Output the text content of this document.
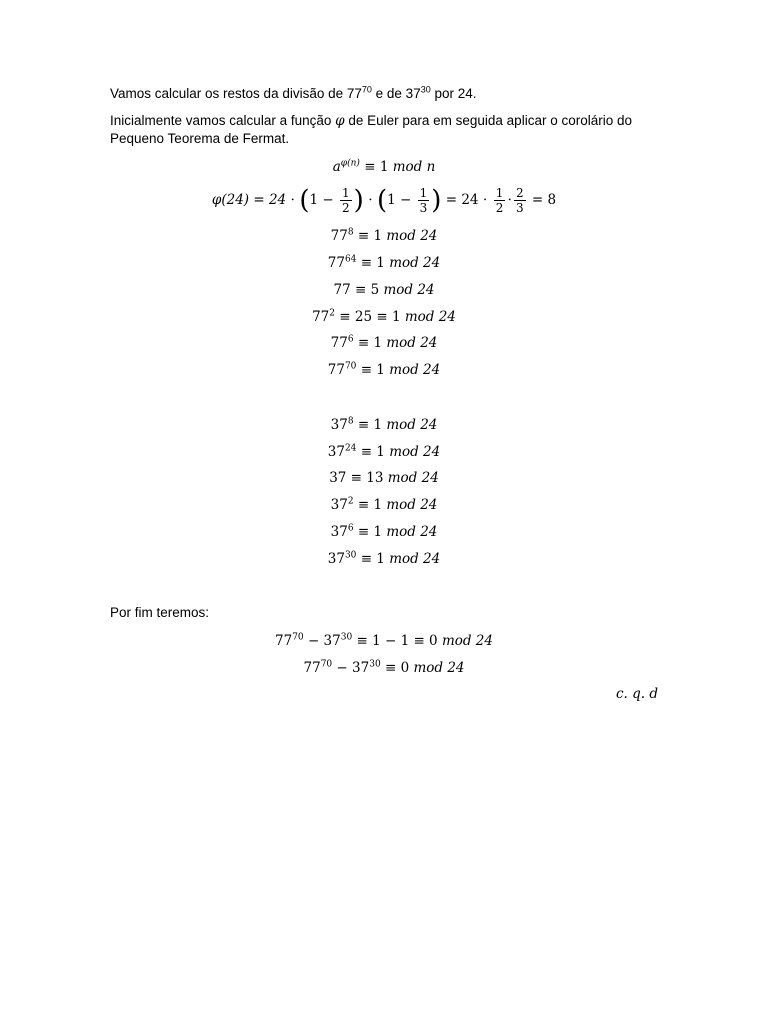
Vamos calcular os restos da divisão de $77^{70}$ e de $37^{30}$ por 24.
Inicialmente vamos calcular a função φ de Euler para em seguida aplicar o corolário do Pequeno Teorema de Fermat.
$a^{\varphi(n)} \equiv 1$ mod n
$\varphi(24) = 24 \cdot (1 - \frac{1}{2}$ ) ⋅ ($1 - \frac{1}{3}$ ) = $24 \cdot \frac{1}{2} \cdot \frac{2}{3} = 8$
$77^8 \equiv 1$ mod 24
$77^{64} \equiv 1$ mod 24
77 ≡ 5 mod 24
$77^2 \equiv 25 \equiv 1$ mod 24
$77^6 \equiv 1$ mod 24
$77^{70} \equiv 1$ mod 24
$37^8 \equiv 1$ mod 24
$37^{24} \equiv 1$ mod 24
37 ≡ 13 mod 24
$37^2 \equiv 1$ mod 24
$37^6 \equiv 1$ mod 24
$37^{30} \equiv 1$ mod 24
Por fim teremos:
$77^{70} - 37^{30} \equiv 1 - 1 \equiv 0$ mod 24
$77^{70} - 37^{30} \equiv 0$ mod 24
c. q. d
